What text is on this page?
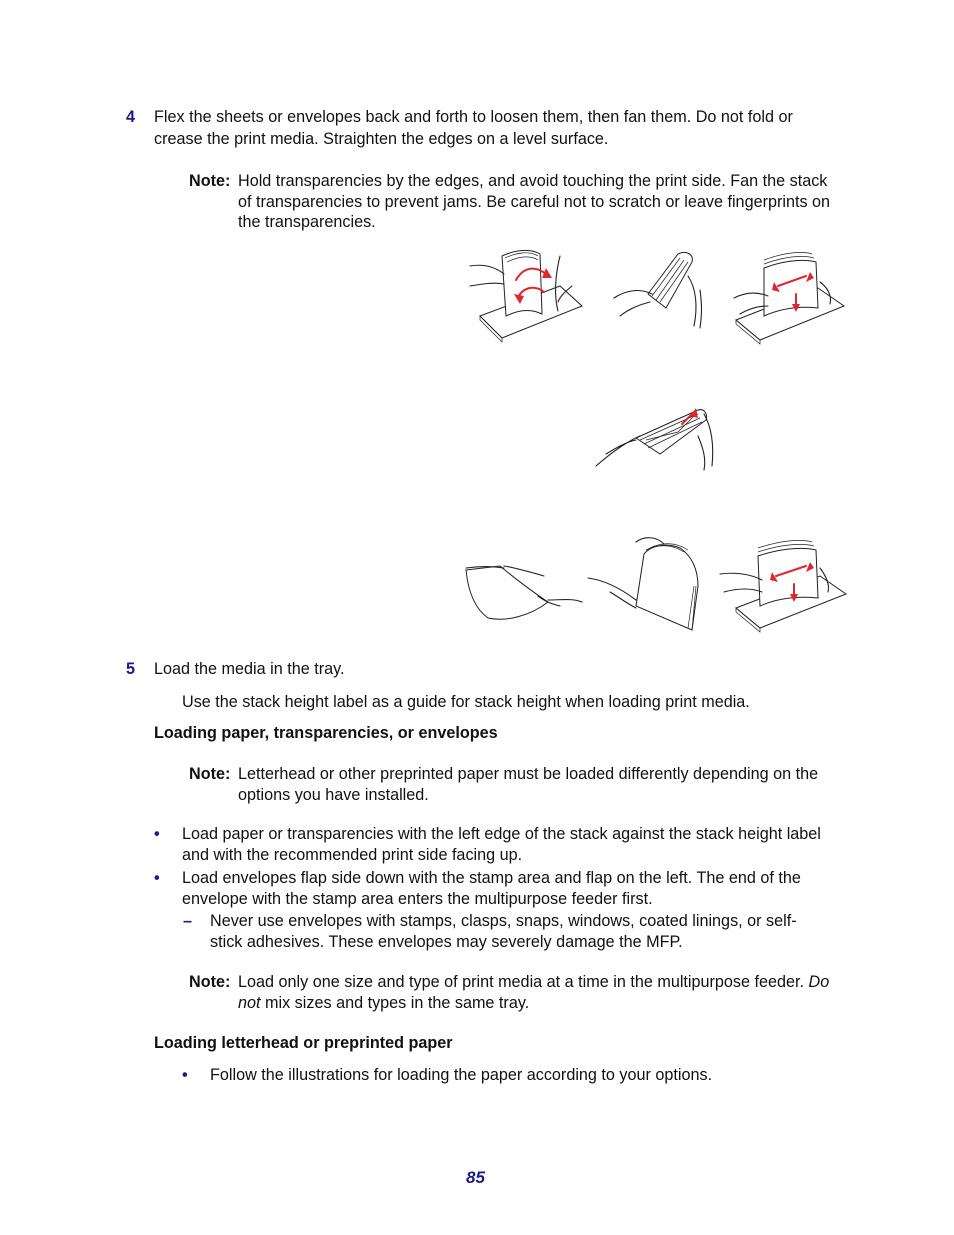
4 Flex the sheets or envelopes back and forth to loosen them, then fan them. Do not fold or
crease the print media. Straighten the edges on a level surface.
Note: Hold transparencies by the edges, and avoid touching the print side. Fan the stack
of transparencies to prevent jams. Be careful not to scratch or leave fingerprints on
the transparencies.
5 Load the media in the tray.
Use the stack height label as a guide for stack height when loading print media.
Loading paper, transparencies, or envelopes
Note: Letterhead or other preprinted paper must be loaded differently depending on the
options you have installed.
• Load paper or transparencies with the left edge of the stack against the stack height label
and with the recommended print side facing up.
• Load envelopes flap side down with the stamp area and flap on the left. The end of the
envelope with the stamp area enters the multipurpose feeder first.
– Never use envelopes with stamps, clasps, snaps, windows, coated linings, or self-
stick adhesives. These envelopes may severely damage the MFP.
Note: Load only one size and type of print media at a time in the multipurpose feeder. Do
not mix sizes and types in the same tray.
Loading letterhead or preprinted paper
• Follow the illustrations for loading the paper according to your options.
85
